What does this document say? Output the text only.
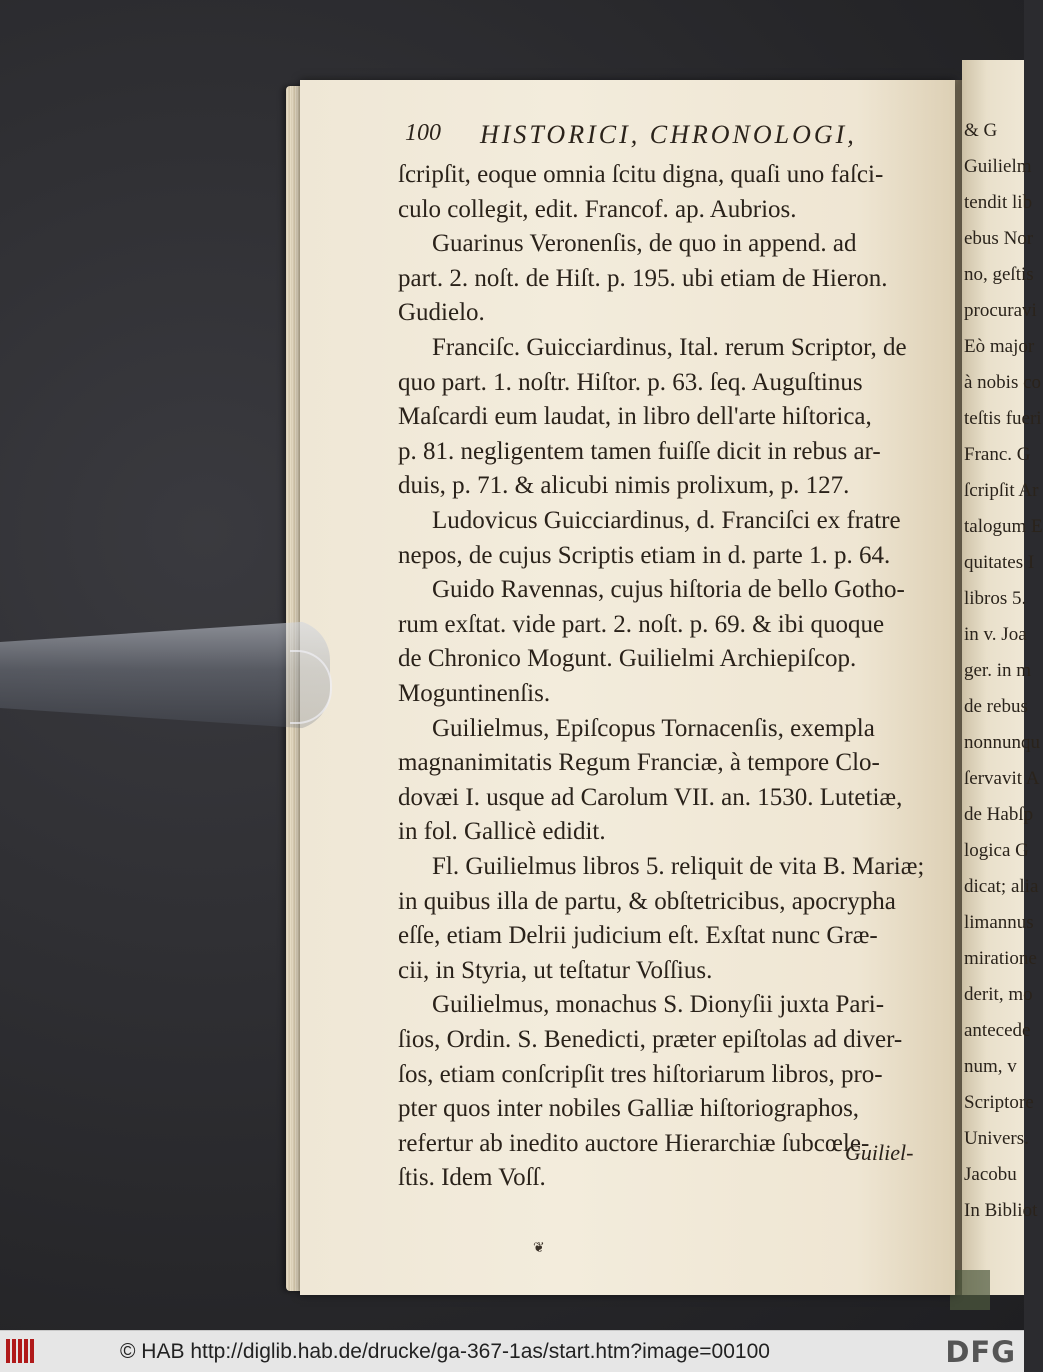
& G
Guilielm
tendit lib
ebus Nor
no, geſtis
procuravi
Eò major
à nobis co
teſtis fueri
Franc. G
ſcripſit Ar
talogum E
quitates I
libros 5.
in v. Joa
ger. in m
de rebus
nonnunqu
ſervavit A
de Habſp
logica G
dicat; alia
limannus
miratione
derit, mo
antecede
num, v
Scriptore
Univers.
Jacobu
In Bibliot
100 HISTORICI, CHRONOLOGI,
ſcripſit, eoque omnia ſcitu digna, quaſi uno faſci-
culo collegit, edit. Francof. ap. Aubrios.
Guarinus Veronenſis, de quo in append. ad
part. 2. noſt. de Hiſt. p. 195. ubi etiam de Hieron.
Gudielo.
Franciſc. Guicciardinus, Ital. rerum Scriptor, de
quo part. 1. noſtr. Hiſtor. p. 63. ſeq. Auguſtinus
Maſcardi eum laudat, in libro dell'arte hiſtorica,
p. 81. negligentem tamen fuiſſe dicit in rebus ar-
duis, p. 71. & alicubi nimis prolixum, p. 127.
Ludovicus Guicciardinus, d. Franciſci ex fratre
nepos, de cujus Scriptis etiam in d. parte 1. p. 64.
Guido Ravennas, cujus hiſtoria de bello Gotho-
rum exſtat. vide part. 2. noſt. p. 69. & ibi quoque
de Chronico Mogunt. Guilielmi Archiepiſcop.
Moguntinenſis.
Guilielmus, Epiſcopus Tornacenſis, exempla
magnanimitatis Regum Franciæ, à tempore Clo-
dovæi I. usque ad Carolum VII. an. 1530. Lutetiæ,
in fol. Gallicè edidit.
Fl. Guilielmus libros 5. reliquit de vita B. Mariæ;
in quibus illa de partu, & obſtetricibus, apocrypha
eſſe, etiam Delrii judicium eſt. Exſtat nunc Græ-
cii, in Styria, ut teſtatur Voſſius.
Guilielmus, monachus S. Dionyſii juxta Pari-
ſios, Ordin. S. Benedicti, præter epiſtolas ad diver-
ſos, etiam conſcripſit tres hiſtoriarum libros, pro-
pter quos inter nobiles Galliæ hiſtoriographos,
refertur ab inedito auctore Hierarchiæ ſubcœle-
ſtis. Idem Voſſ.
Guiliel-
❦
© HAB http://diglib.hab.de/drucke/ga-367-1as/start.htm?image=00100	DFG
